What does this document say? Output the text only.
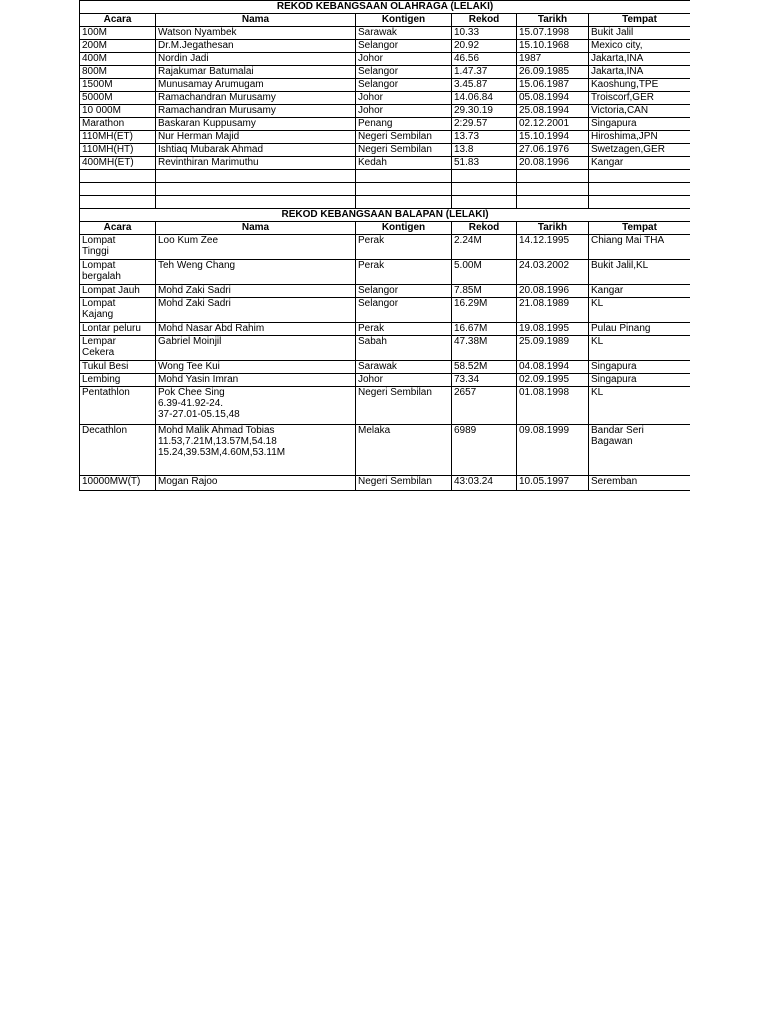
REKOD KEBANGSAAN OLAHRAGA (LELAKI)					
Acara	Nama	Kontigen	Rekod	Tarikh	Tempat
100M	Watson Nyambek	Sarawak	10.33	15.07.1998	Bukit Jalil
200M	Dr.M.Jegathesan	Selangor	20.92	15.10.1968	Mexico city,
400M	Nordin Jadi	Johor	46.56	1987	Jakarta,INA
800M	Rajakumar Batumalai	Selangor	1.47.37	26.09.1985	Jakarta,INA
1500M	Munusamay Arumugam	Selangor	3.45.87	15.06.1987	Kaoshung,TPE
5000M	Ramachandran Murusamy	Johor	14.06.84	05.08.1994	Troiscorf,GER
10 000M	Ramachandran Murusamy	Johor	29.30.19	25.08.1994	Victoria,CAN
Marathon	Baskaran Kuppusamy	Penang	2:29.57	02.12.2001	Singapura
110MH(ET)	Nur Herman Majid	Negeri Sembilan	13.73	15.10.1994	Hiroshima,JPN
110MH(HT)	Ishtiaq Mubarak Ahmad	Negeri Sembilan	13.8	27.06.1976	Swetzagen,GER
400MH(ET)	Revinthiran Marimuthu	Kedah	51.83	20.08.1996	Kangar

REKOD KEBANGSAAN BALAPAN (LELAKI)					
Acara	Nama	Kontigen	Rekod	Tarikh	Tempat
Lompat
Tinggi	Loo Kum Zee	Perak	2.24M	14.12.1995	Chiang Mai THA
Lompat
bergalah	Teh Weng Chang	Perak	5.00M	24.03.2002	Bukit Jalil,KL
Lompat Jauh	Mohd Zaki Sadri	Selangor	7.85M	20.08.1996	Kangar
Lompat
Kajang	Mohd Zaki Sadri	Selangor	16.29M	21.08.1989	KL
Lontar peluru	Mohd Nasar Abd Rahim	Perak	16.67M	19.08.1995	Pulau Pinang
Lempar
Cekera	Gabriel Moinjil	Sabah	47.38M	25.09.1989	KL
Tukul Besi	Wong Tee Kui	Sarawak	58.52M	04.08.1994	Singapura
Lembing	Mohd Yasin Imran	Johor	73.34	02.09.1995	Singapura
Pentathlon	Pok Chee Sing
6.39-41.92-24.
37-27.01-05.15,48	Negeri Sembilan	2657	01.08.1998	KL
Decathlon	Mohd Malik Ahmad Tobias
11.53,7.21M,13.57M,54.18
15.24,39.53M,4.60M,53.11M	Melaka	6989	09.08.1999	Bandar Seri
Bagawan
10000MW(T)	Mogan Rajoo	Negeri Sembilan	43:03.24	10.05.1997	Seremban
